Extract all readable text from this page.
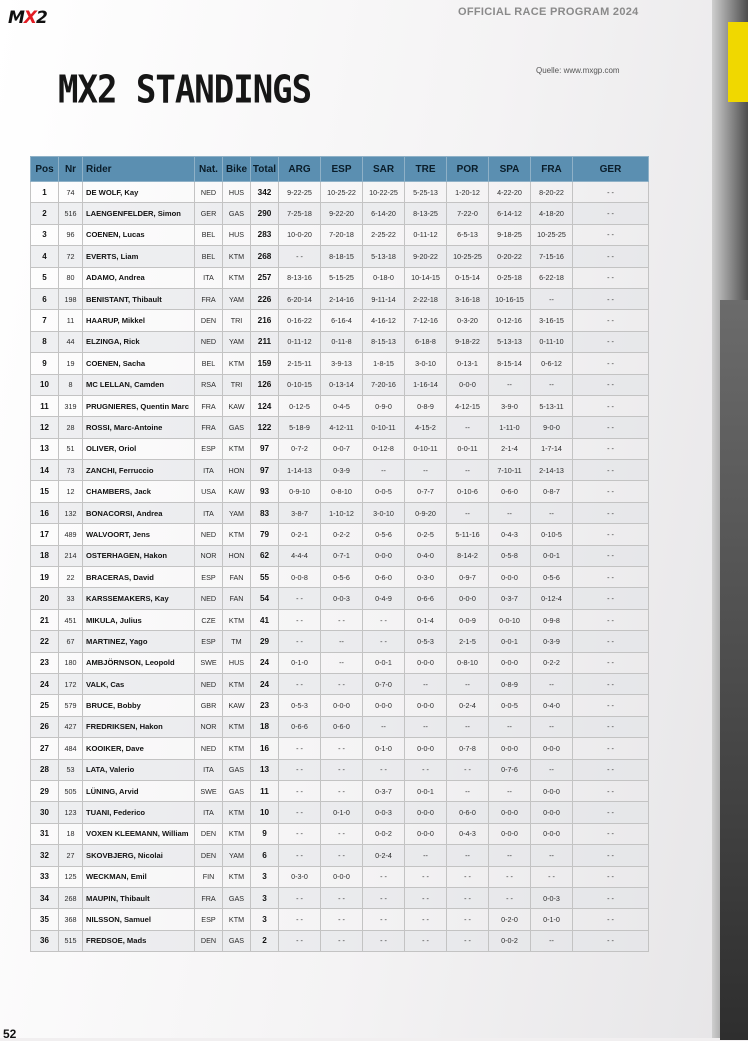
MX2	OFFICIAL RACE PROGRAM 2024
MX2 STANDINGS	Quelle: www.mxgp.com
Pos	Nr	Rider	Nat.	Bike	Total	ARG	ESP	SAR	TRE	POR	SPA	FRA	GER
1	74	DE WOLF, Kay	NED	HUS	342	9-22-25	10-25-22	10-22-25	5-25-13	1-20-12	4-22-20	8-20-22	- -
2	516	LAENGENFELDER, Simon	GER	GAS	290	7-25-18	9-22-20	6-14-20	8-13-25	7-22-0	6-14-12	4-18-20	- -
3	96	COENEN, Lucas	BEL	HUS	283	10-0-20	7-20-18	2-25-22	0-11-12	6-5-13	9-18-25	10-25-25	- -
4	72	EVERTS, Liam	BEL	KTM	268	- -	8-18-15	5-13-18	9-20-22	10-25-25	0-20-22	7-15-16	- -
5	80	ADAMO, Andrea	ITA	KTM	257	8-13-16	5-15-25	0-18-0	10-14-15	0-15-14	0-25-18	6-22-18	- -
6	198	BENISTANT, Thibault	FRA	YAM	226	6-20-14	2-14-16	9-11-14	2-22-18	3-16-18	10-16-15	--	- -
7	11	HAARUP, Mikkel	DEN	TRI	216	0-16-22	6-16-4	4-16-12	7-12-16	0-3-20	0-12-16	3-16-15	- -
8	44	ELZINGA, Rick	NED	YAM	211	0-11-12	0-11-8	8-15-13	6-18-8	9-18-22	5-13-13	0-11-10	- -
9	19	COENEN, Sacha	BEL	KTM	159	2-15-11	3-9-13	1-8-15	3-0-10	0-13-1	8-15-14	0-6-12	- -
10	8	MC LELLAN, Camden	RSA	TRI	126	0-10-15	0-13-14	7-20-16	1-16-14	0-0-0	--	--	- -
11	319	PRUGNIERES, Quentin Marc	FRA	KAW	124	0-12-5	0-4-5	0-9-0	0-8-9	4-12-15	3-9-0	5-13-11	- -
12	28	ROSSI, Marc-Antoine	FRA	GAS	122	5-18-9	4-12-11	0-10-11	4-15-2	--	1-11-0	9-0-0	- -
13	51	OLIVER, Oriol	ESP	KTM	97	0-7-2	0-0-7	0-12-8	0-10-11	0-0-11	2-1-4	1-7-14	- -
14	73	ZANCHI, Ferruccio	ITA	HON	97	1-14-13	0-3-9	--	--	--	7-10-11	2-14-13	- -
15	12	CHAMBERS, Jack	USA	KAW	93	0-9-10	0-8-10	0-0-5	0-7-7	0-10-6	0-6-0	0-8-7	- -
16	132	BONACORSI, Andrea	ITA	YAM	83	3-8-7	1-10-12	3-0-10	0-9-20	--	--	--	- -
17	489	WALVOORT, Jens	NED	KTM	79	0-2-1	0-2-2	0-5-6	0-2-5	5-11-16	0-4-3	0-10-5	- -
18	214	OSTERHAGEN, Hakon	NOR	HON	62	4-4-4	0-7-1	0-0-0	0-4-0	8-14-2	0-5-8	0-0-1	- -
19	22	BRACERAS, David	ESP	FAN	55	0-0-8	0-5-6	0-6-0	0-3-0	0-9-7	0-0-0	0-5-6	- -
20	33	KARSSEMAKERS, Kay	NED	FAN	54	- -	0-0-3	0-4-9	0-6-6	0-0-0	0-3-7	0-12-4	- -
21	451	MIKULA, Julius	CZE	KTM	41	- -	- -	- -	0-1-4	0-0-9	0-0-10	0-9-8	- -
22	67	MARTINEZ, Yago	ESP	TM	29	- -	--	- -	0-5-3	2-1-5	0-0-1	0-3-9	- -
23	180	AMBJÖRNSON, Leopold	SWE	HUS	24	0-1-0	--	0-0-1	0-0-0	0-8-10	0-0-0	0-2-2	- -
24	172	VALK, Cas	NED	KTM	24	- -	- -	0-7-0	--	--	0-8-9	--	- -
25	579	BRUCE, Bobby	GBR	KAW	23	0-5-3	0-0-0	0-0-0	0-0-0	0-2-4	0-0-5	0-4-0	- -
26	427	FREDRIKSEN, Hakon	NOR	KTM	18	0-6-6	0-6-0	--	--	--	--	--	- -
27	484	KOOIKER, Dave	NED	KTM	16	- -	- -	0-1-0	0-0-0	0-7-8	0-0-0	0-0-0	- -
28	53	LATA, Valerio	ITA	GAS	13	- -	- -	- -	- -	- -	0-7-6	--	- -
29	505	LÜNING, Arvid	SWE	GAS	11	- -	- -	0-3-7	0-0-1	--	--	0-0-0	- -
30	123	TUANI, Federico	ITA	KTM	10	- -	0-1-0	0-0-3	0-0-0	0-6-0	0-0-0	0-0-0	- -
31	18	VOXEN KLEEMANN, William	DEN	KTM	9	- -	- -	0-0-2	0-0-0	0-4-3	0-0-0	0-0-0	- -
32	27	SKOVBJERG, Nicolai	DEN	YAM	6	- -	- -	0-2-4	--	--	--	--	- -
33	125	WECKMAN, Emil	FIN	KTM	3	0-3-0	0-0-0	- -	- -	- -	- -	- -	- -
34	268	MAUPIN, Thibault	FRA	GAS	3	- -	- -	- -	- -	- -	- -	0-0-3	- -
35	368	NILSSON, Samuel	ESP	KTM	3	- -	- -	- -	- -	- -	0-2-0	0-1-0	- -
36	515	FREDSOE, Mads	DEN	GAS	2	- -	- -	- -	- -	- -	0-0-2	--	- -
52
